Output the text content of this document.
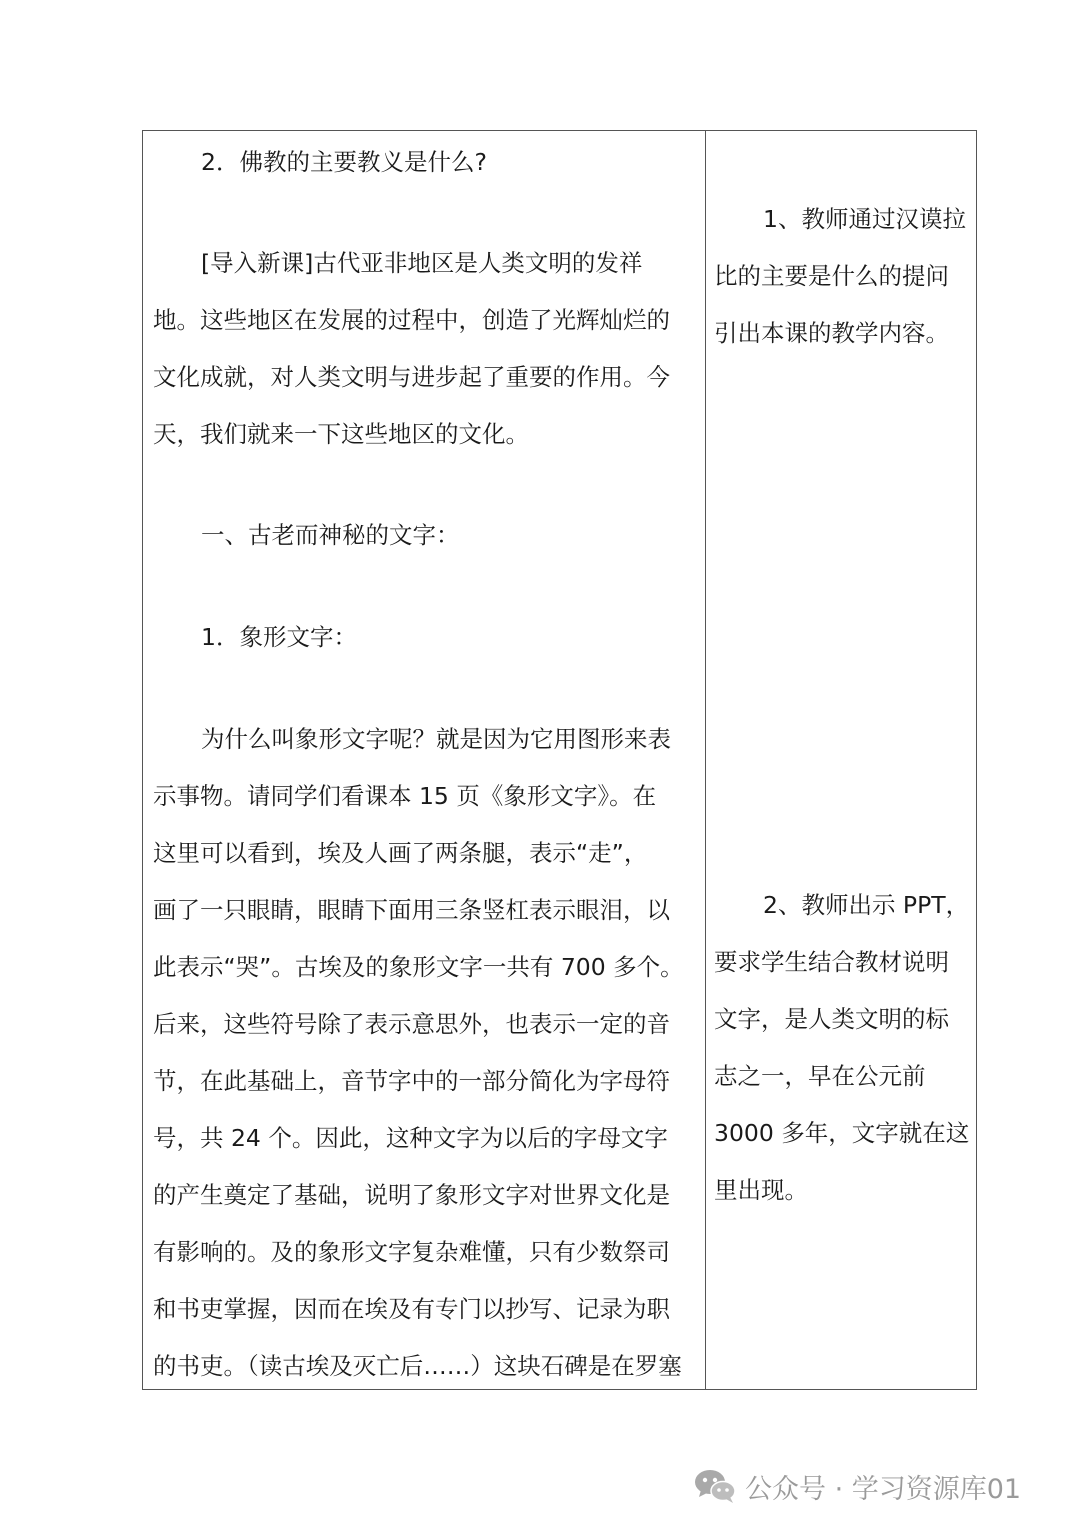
2．佛教的主要教义是什么?
[导入新课]古代亚非地区是人类文明的发祥
地。这些地区在发展的过程中，创造了光辉灿烂的
文化成就，对人类文明与进步起了重要的作用。今
天，我们就来一下这些地区的文化。
一、古老而神秘的文字：
1．象形文字：
为什么叫象形文字呢？就是因为它用图形来表
示事物。请同学们看课本 15 页《象形文字》。在
这里可以看到，埃及人画了两条腿，表示“走”，
画了一只眼睛，眼睛下面用三条竖杠表示眼泪，以
此表示“哭”。古埃及的象形文字一共有 700 多个。
后来，这些符号除了表示意思外，也表示一定的音
节，在此基础上，音节字中的一部分简化为字母符
号，共 24 个。因此，这种文字为以后的字母文字
的产生奠定了基础，说明了象形文字对世界文化是
有影响的。及的象形文字复杂难懂，只有少数祭司
和书吏掌握，因而在埃及有专门以抄写、记录为职
的书吏。（读古埃及灭亡后……）这块石碑是在罗塞
1、教师通过汉谟拉
比的主要是什么的提问
引出本课的教学内容。
2、教师出示 PPT，
要求学生结合教材说明
文字，是人类文明的标
志之一，早在公元前
3000 多年，文字就在这
里出现。
公众号 · 学习资源库01
